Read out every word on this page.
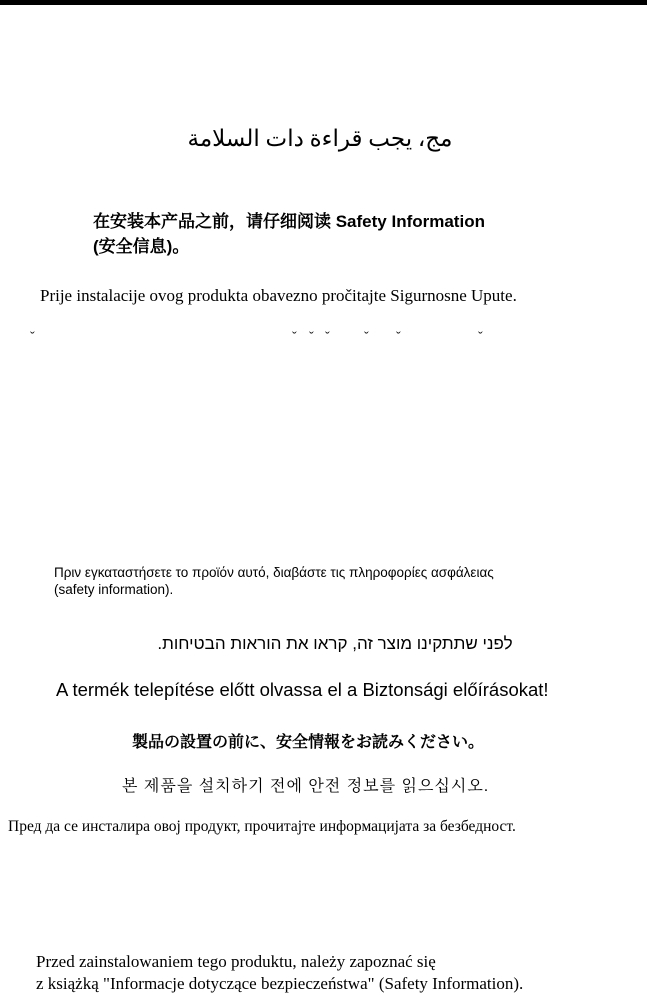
مج، يجب قراءة دات السلامة
在安装本产品之前，请仔细阅读 Safety Information
(安全信息)。
Prije instalacije ovog produkta obavezno pročitajte Sigurnosne Upute.
ˇ	ˇ ˇ ˇ ˇ ˇ	ˇ
Πριν εγκαταστήσετε το προϊόν αυτό, διαβάστε τις πληροφορίες ασφάλειας
(safety information).
לפני שתתקינו מוצר זה, קראו את הוראות הבטיחות.
A termék telepítése előtt olvassa el a Biztonsági előírásokat!
製品の設置の前に、安全情報をお読みください。
본 제품을 설치하기 전에 안전 정보를 읽으십시오.
Пред да се инсталира овој продукт, прочитајте информацијата за безбедност.
Przed zainstalowaniem tego produktu, należy zapoznać się
z książką "Informacje dotyczące bezpieczeństwa" (Safety Information).
